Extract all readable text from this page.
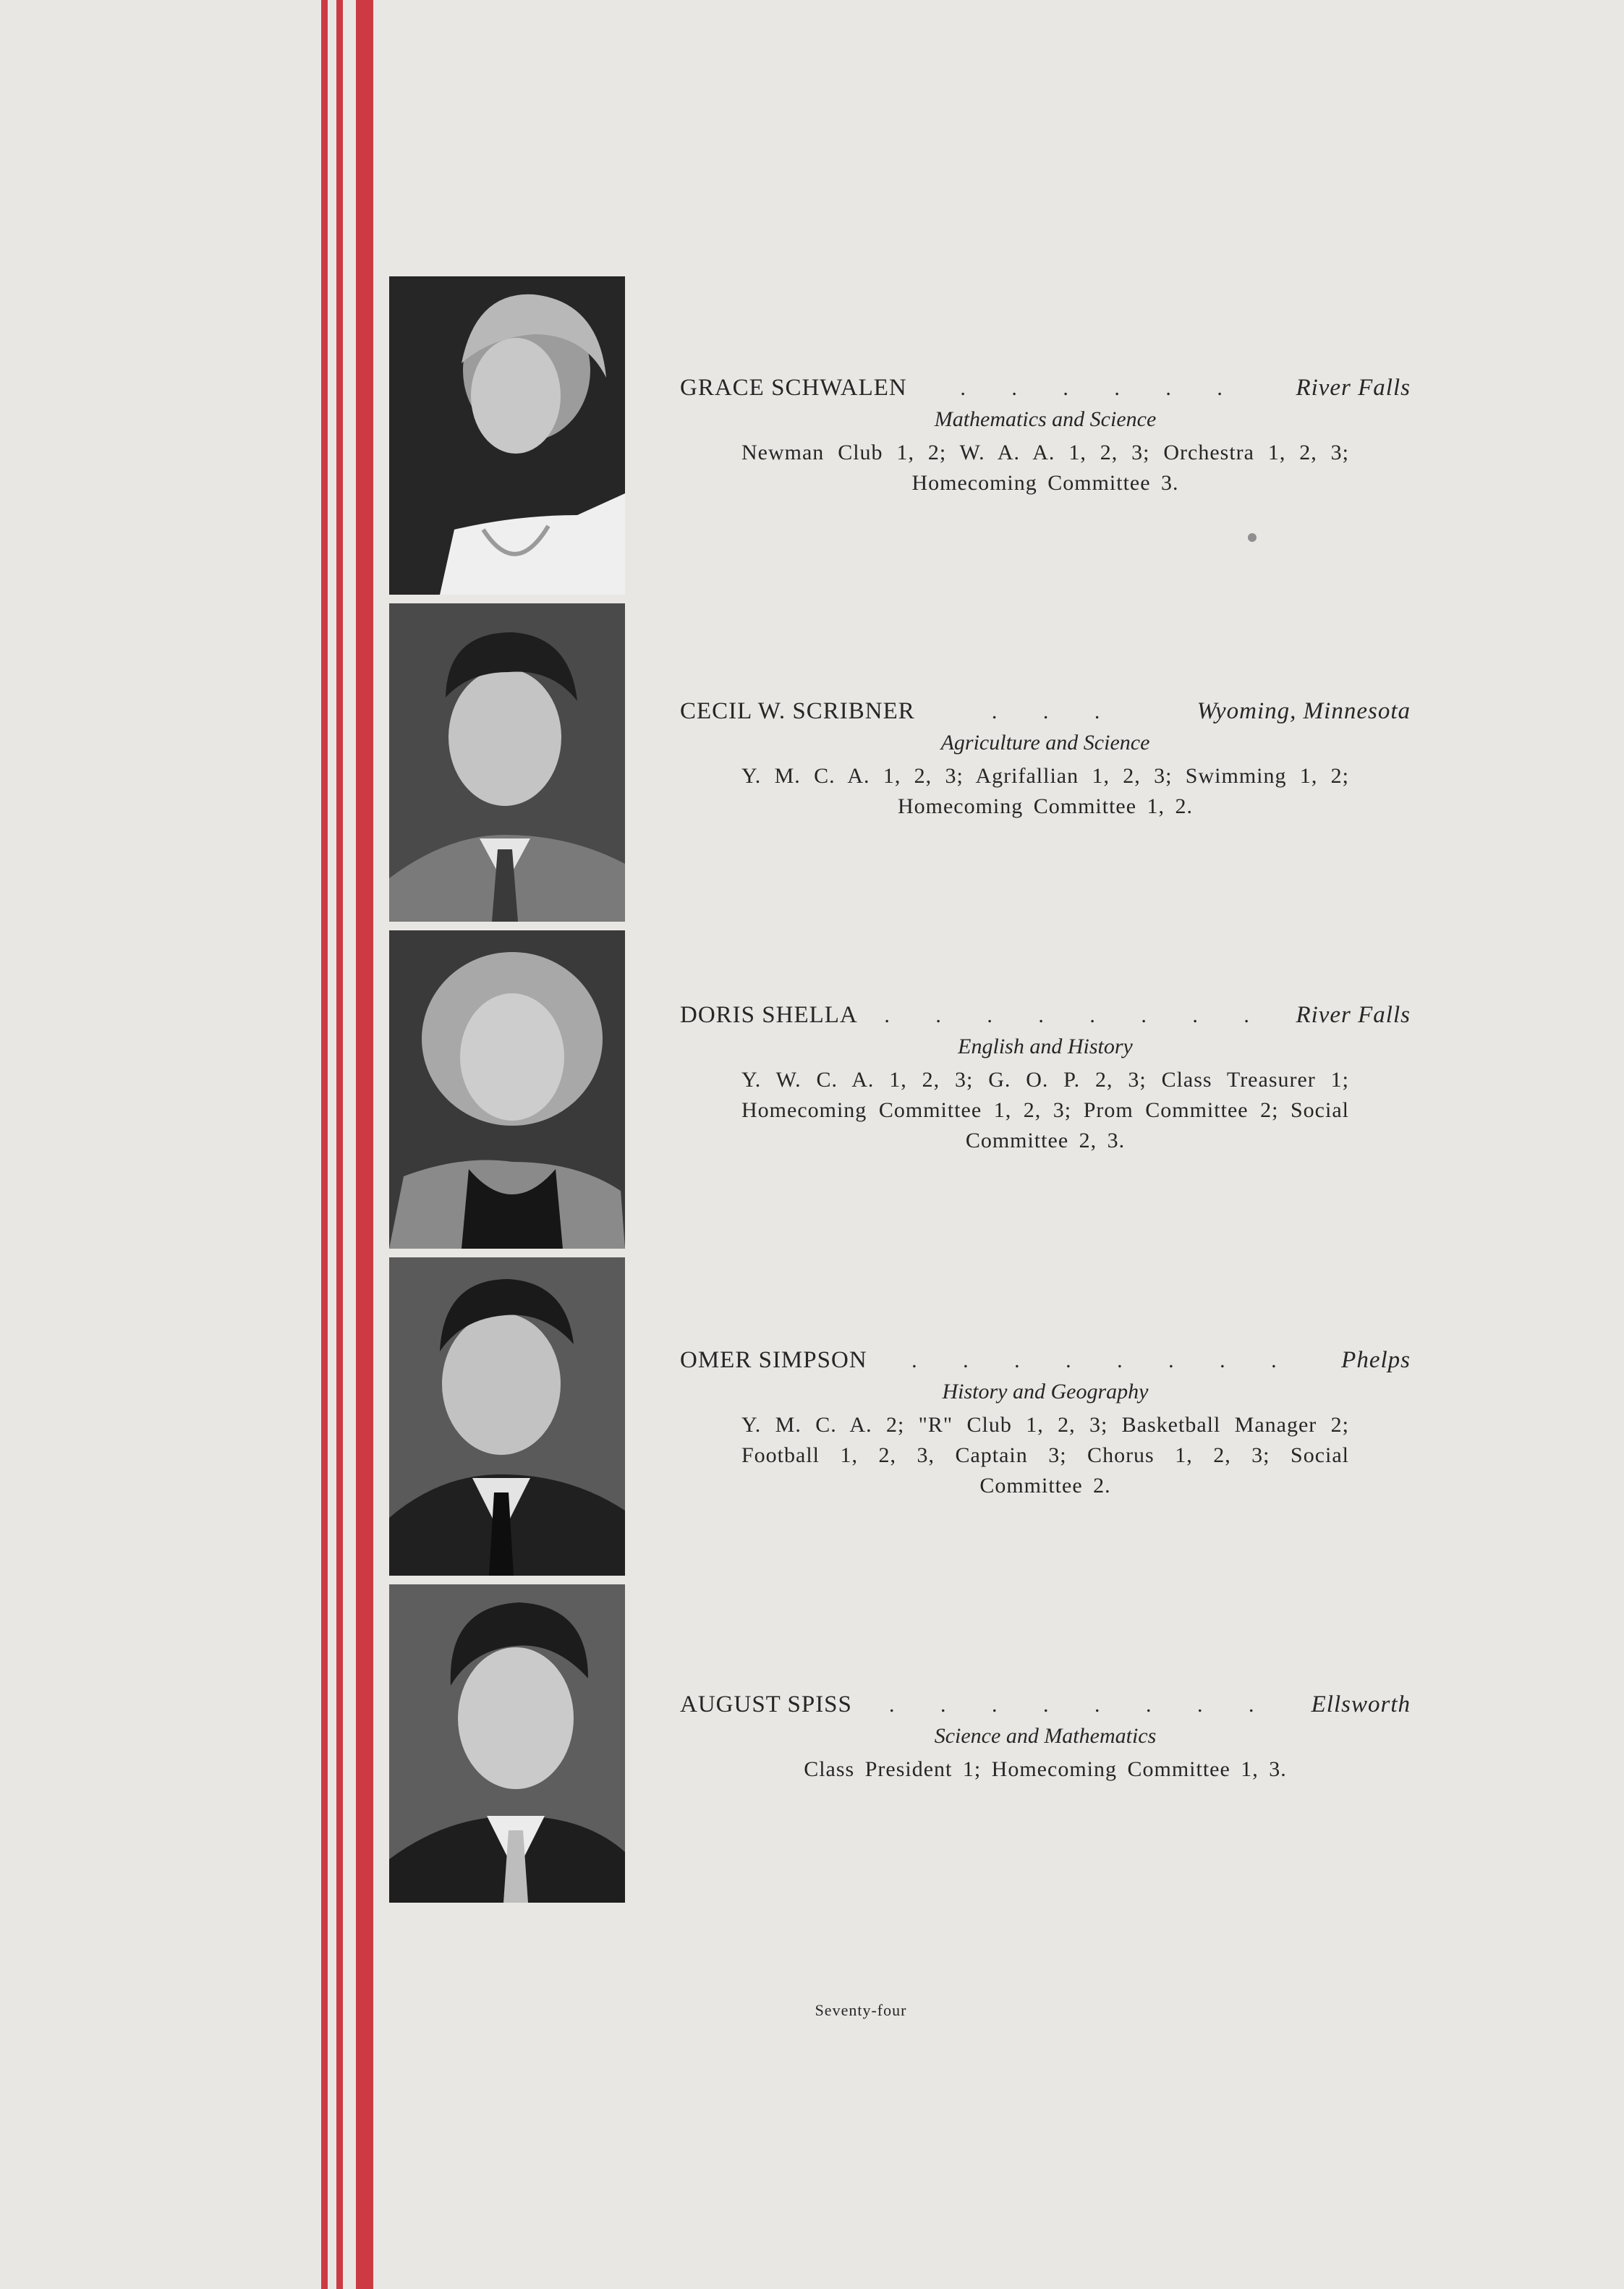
GRACE SCHWALEN	. . . . . .	River Falls
Mathematics and Science
Newman Club 1, 2; W. A. A. 1, 2, 3; Orchestra 1, 2, 3; Homecoming Committee 3.
CECIL W. SCRIBNER	. . .	Wyoming, Minnesota
Agriculture and Science
Y. M. C. A. 1, 2, 3; Agrifallian 1, 2, 3; Swimming 1, 2; Homecoming Committee 1, 2.
DORIS SHELLA	. . . . . . . .	River Falls
English and History
Y. W. C. A. 1, 2, 3; G. O. P. 2, 3; Class Treasurer 1; Homecoming Committee 1, 2, 3; Prom Committee 2; Social Committee 2, 3.
OMER SIMPSON	. . . . . . . .	Phelps
History and Geography
Y. M. C. A. 2; "R" Club 1, 2, 3; Basketball Manager 2; Football 1, 2, 3, Captain 3; Chorus 1, 2, 3; Social Committee 2.
AUGUST SPISS	. . . . . . . .	Ellsworth
Science and Mathematics
Class President 1; Homecoming Committee 1, 3.
Seventy-four
